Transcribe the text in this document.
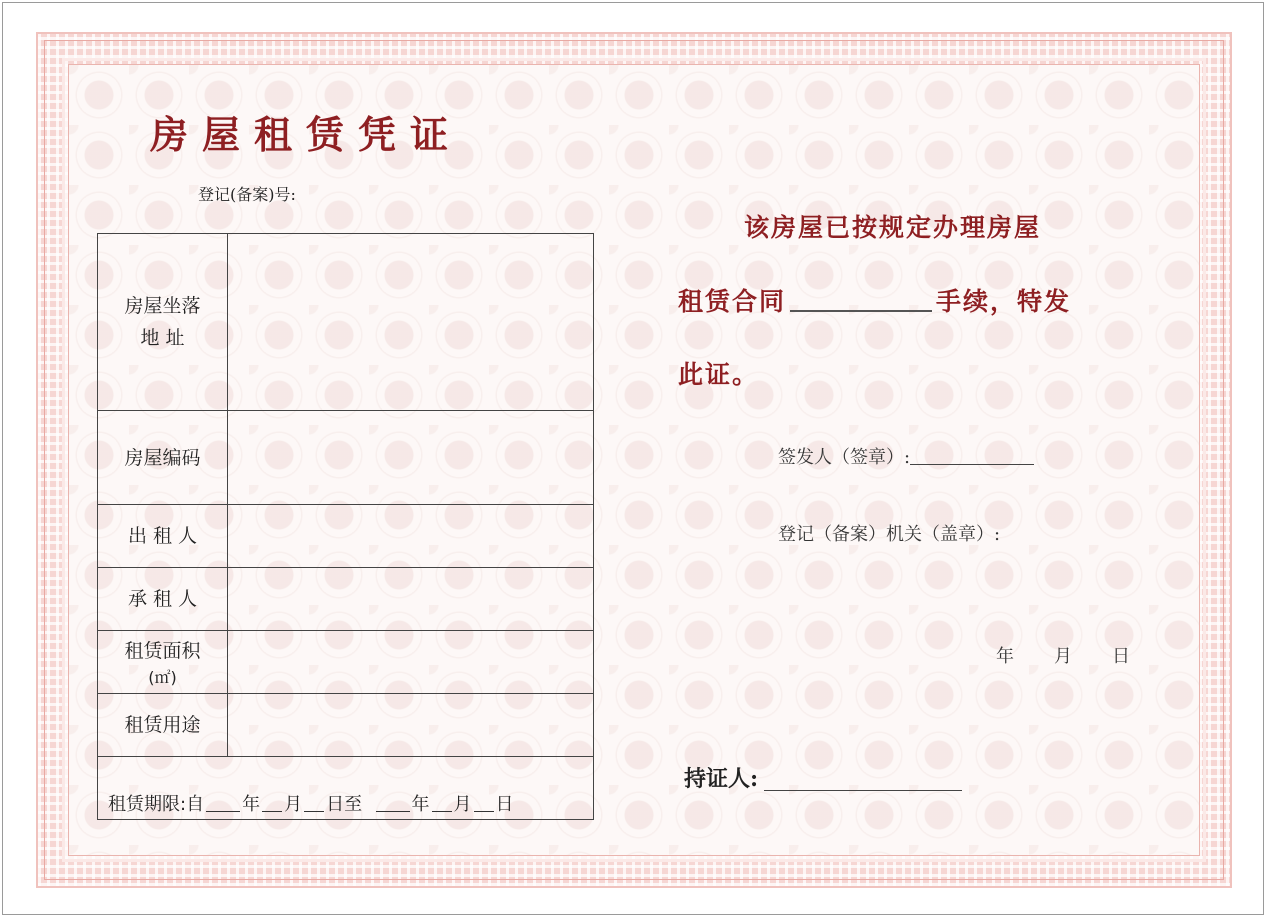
房屋租赁凭证
登记(备案)号:
房屋坐落
地 址	

房屋编码	

出 租 人	

承 租 人	

租赁面积
(㎡)	

租赁用途	

租赁期限:自 年 月 日至 年 月 日	
该房屋已按规定办理房屋
租赁合同	手续，特发
此证。
签发人（签章）:
登记（备案）机关（盖章）:
年 月 日
持证人:
